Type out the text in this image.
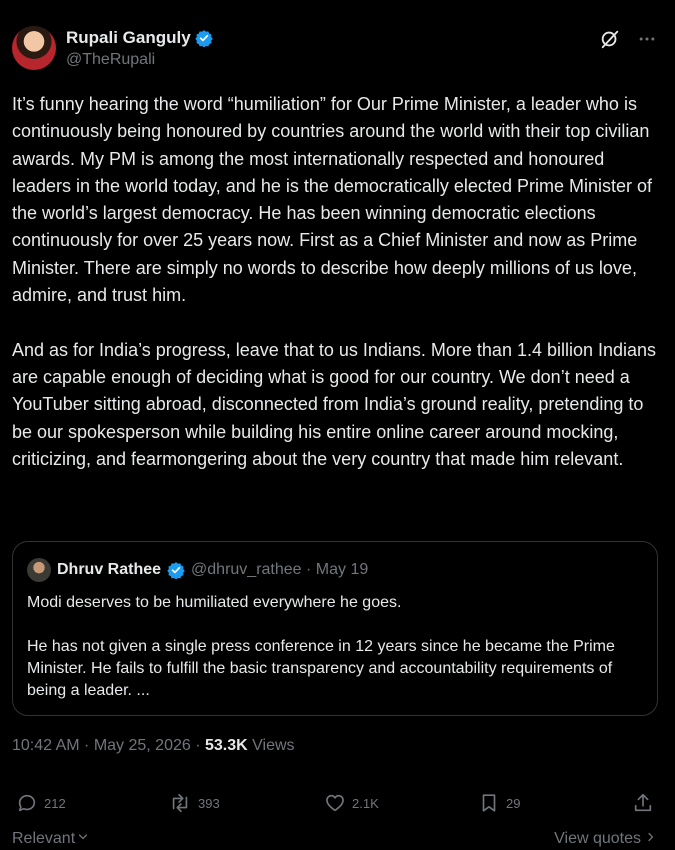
Rupali Ganguly
@TheRupali
It’s funny hearing the word “humiliation” for Our Prime Minister, a leader who is continuously being honoured by countries around the world with their top civilian awards. My PM is among the most internationally respected and honoured leaders in the world today, and he is the democratically elected Prime Minister of the world’s largest democracy. He has been winning democratic elections continuously for over 25 years now. First as a Chief Minister and now as Prime Minister. There are simply no words to describe how deeply millions of us love, admire, and trust him.

And as for India’s progress, leave that to us Indians. More than 1.4 billion Indians are capable enough of deciding what is good for our country. We don’t need a YouTuber sitting abroad, disconnected from India’s ground reality, pretending to be our spokesperson while building his entire online career around mocking, criticizing, and fearmongering about the very country that made him relevant.
Dhruv Rathee @dhruv_rathee · May 19
Modi deserves to be humiliated everywhere he goes.

He has not given a single press conference in 12 years since he became the Prime Minister. He fails to fulfill the basic transparency and accountability requirements of being a leader. ...
10:42 AM · May 25, 2026 · 53.3K Views
212	393	2.1K	29
Relevant	View quotes
